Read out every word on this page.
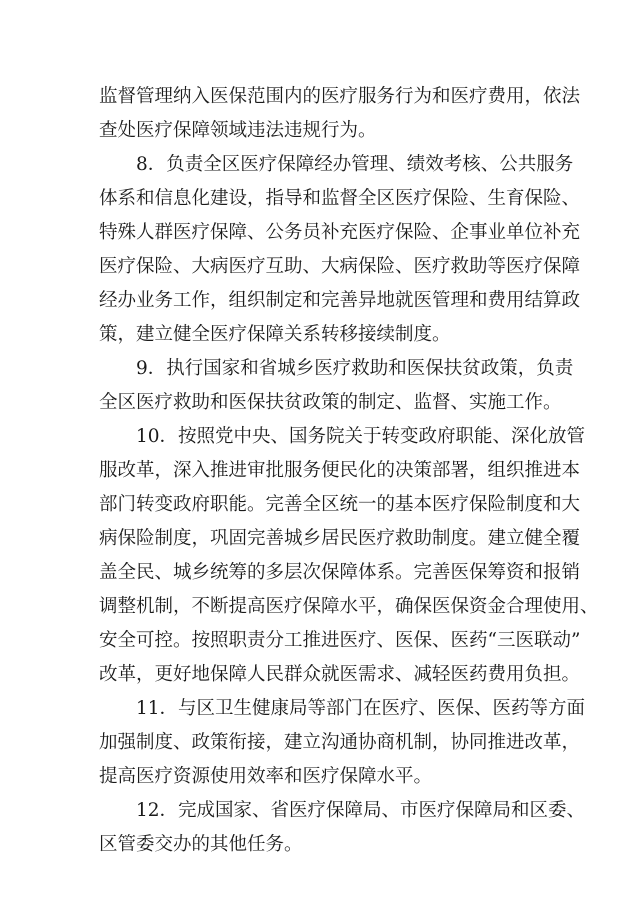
监督管理纳入医保范围内的医疗服务行为和医疗费用，依法
查处医疗保障领域违法违规行为。
8．负责全区医疗保障经办管理、绩效考核、公共服务
体系和信息化建设，指导和监督全区医疗保险、生育保险、
特殊人群医疗保障、公务员补充医疗保险、企事业单位补充
医疗保险、大病医疗互助、大病保险、医疗救助等医疗保障
经办业务工作，组织制定和完善异地就医管理和费用结算政
策，建立健全医疗保障关系转移接续制度。
9．执行国家和省城乡医疗救助和医保扶贫政策，负责
全区医疗救助和医保扶贫政策的制定、监督、实施工作。
10．按照党中央、国务院关于转变政府职能、深化放管
服改革，深入推进审批服务便民化的决策部署，组织推进本
部门转变政府职能。完善全区统一的基本医疗保险制度和大
病保险制度，巩固完善城乡居民医疗救助制度。建立健全覆
盖全民、城乡统筹的多层次保障体系。完善医保筹资和报销
调整机制，不断提高医疗保障水平，确保医保资金合理使用、
安全可控。按照职责分工推进医疗、医保、医药“三医联动”
改革，更好地保障人民群众就医需求、减轻医药费用负担。
11．与区卫生健康局等部门在医疗、医保、医药等方面
加强制度、政策衔接，建立沟通协商机制，协同推进改革，
提高医疗资源使用效率和医疗保障水平。
12．完成国家、省医疗保障局、市医疗保障局和区委、
区管委交办的其他任务。
